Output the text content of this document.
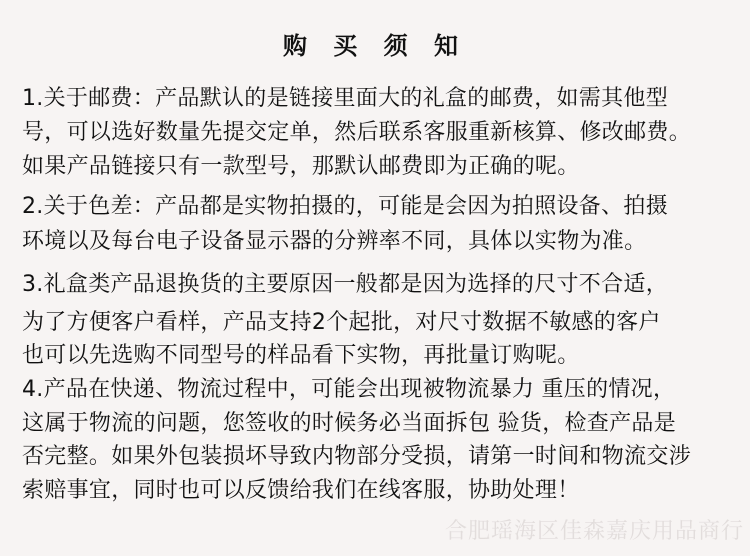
购 买 须 知
1.关于邮费：产品默认的是链接里面大的礼盒的邮费，如需其他型
号，可以选好数量先提交定单，然后联系客服重新核算、修改邮费。
如果产品链接只有一款型号，那默认邮费即为正确的呢。
2.关于色差：产品都是实物拍摄的，可能是会因为拍照设备、拍摄
环境以及每台电子设备显示器的分辨率不同，具体以实物为准。
3.礼盒类产品退换货的主要原因一般都是因为选择的尺寸不合适，
为了方便客户看样，产品支持2个起批，对尺寸数据不敏感的客户
也可以先选购不同型号的样品看下实物，再批量订购呢。
4.产品在快递、物流过程中，可能会出现被物流暴力 重压的情况，
这属于物流的问题，您签收的时候务必当面拆包 验货，检查产品是
否完整。如果外包装损坏导致内物部分受损，请第一时间和物流交涉
索赔事宜，同时也可以反馈给我们在线客服，协助处理！
合肥瑶海区佳森嘉庆用品商行
